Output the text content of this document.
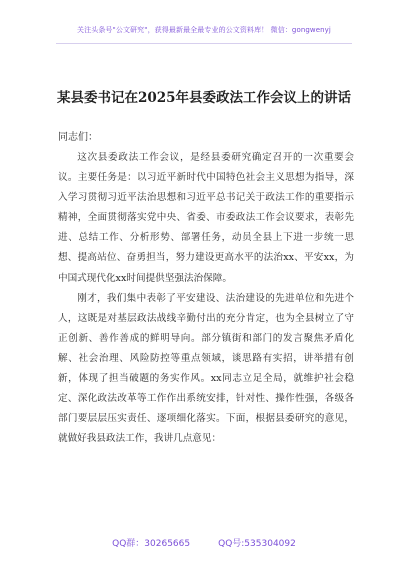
关注头条号"公文研究"，获得最新最全最专业的公文资料库！ 微信：gongwenyj
某县委书记在2025年县委政法工作会议上的讲话
同志们：

这次县委政法工作会议，是经县委研究确定召开的一次重要会议。主要任务是：以习近平新时代中国特色社会主义思想为指导，深入学习贯彻习近平法治思想和习近平总书记关于政法工作的重要指示精神，全面贯彻落实党中央、省委、市委政法工作会议要求，表彰先进、总结工作、分析形势、部署任务，动员全县上下进一步统一思想、提高站位、奋勇担当，努力建设更高水平的法治xx、平安xx，为中国式现代化xx时间提供坚强法治保障。

刚才，我们集中表彰了平安建设、法治建设的先进单位和先进个人，这既是对基层政法战线辛勤付出的充分肯定，也为全县树立了守正创新、善作善成的鲜明导向。部分镇街和部门的发言聚焦矛盾化解、社会治理、风险防控等重点领域，谈思路有实招，讲举措有创新，体现了担当破题的务实作风。xx同志立足全局，就维护社会稳定、深化政法改革等工作作出系统安排，针对性、操作性强，各级各部门要层层压实责任、逐项细化落实。下面，根据县委研究的意见，就做好我县政法工作，我讲几点意见：

QQ群：30265665	QQ号:535304092
